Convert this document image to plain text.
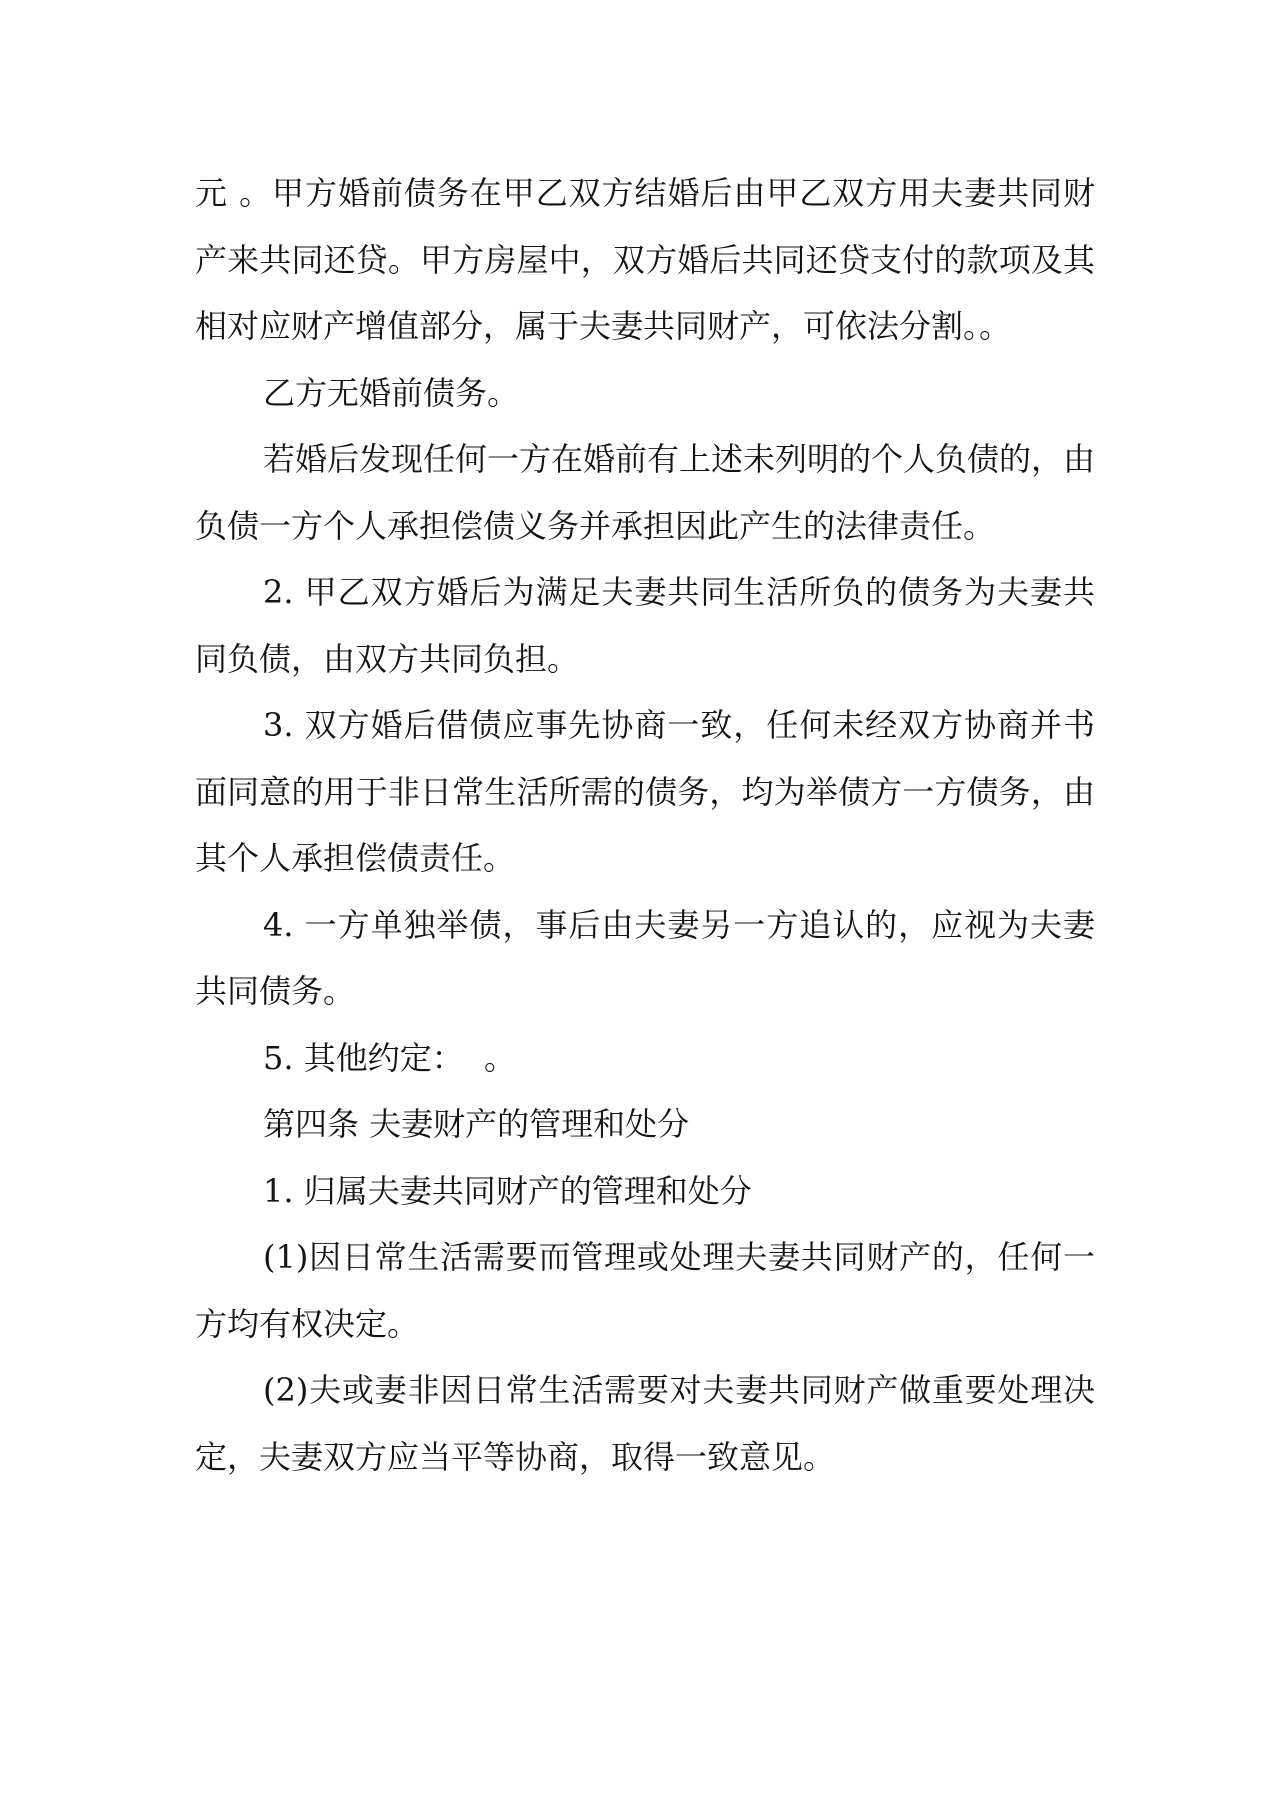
元 。甲方婚前债务在甲乙双方结婚后由甲乙双方用夫妻共同财产来共同还贷。甲方房屋中，双方婚后共同还贷支付的款项及其相对应财产增值部分，属于夫妻共同财产，可依法分割。。

乙方无婚前债务。

若婚后发现任何一方在婚前有上述未列明的个人负债的，由负债一方个人承担偿债义务并承担因此产生的法律责任。

2. 甲乙双方婚后为满足夫妻共同生活所负的债务为夫妻共同负债，由双方共同负担。

3. 双方婚后借债应事先协商一致，任何未经双方协商并书面同意的用于非日常生活所需的债务，均为举债方一方债务，由其个人承担偿债责任。

4. 一方单独举债，事后由夫妻另一方追认的，应视为夫妻共同债务。

5. 其他约定：  。

第四条 夫妻财产的管理和处分

1. 归属夫妻共同财产的管理和处分

(1)因日常生活需要而管理或处理夫妻共同财产的，任何一方均有权决定。

(2)夫或妻非因日常生活需要对夫妻共同财产做重要处理决定，夫妻双方应当平等协商，取得一致意见。
